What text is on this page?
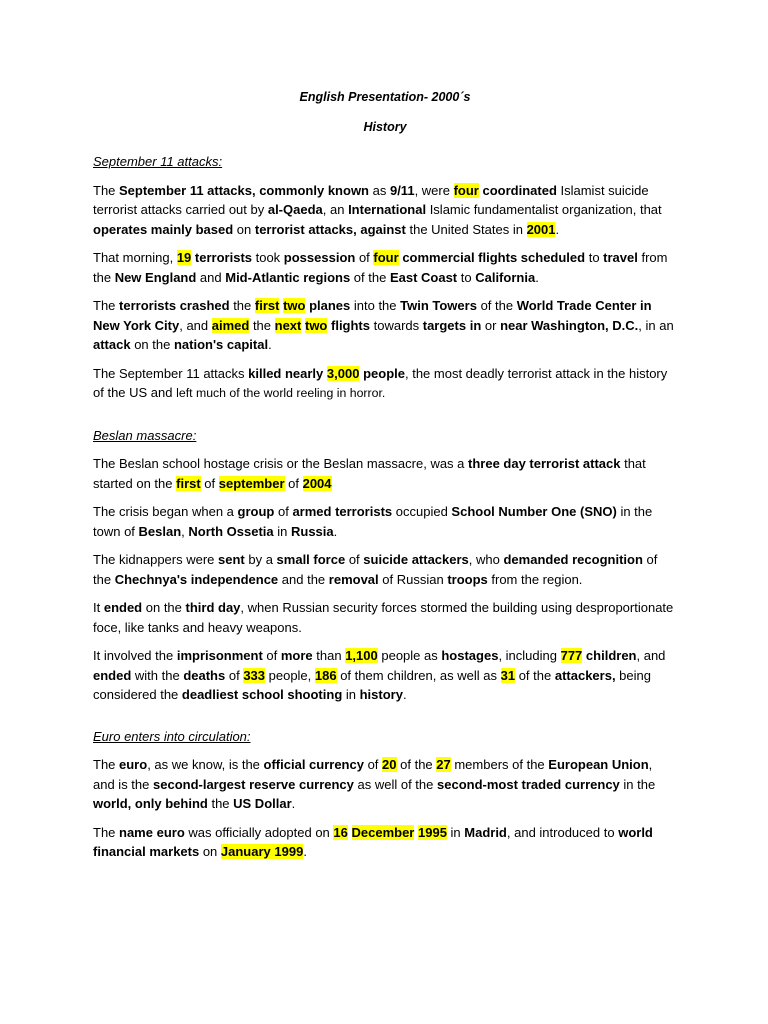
English Presentation- 2000´s
History
September 11 attacks:

The September 11 attacks, commonly known as 9/11, were four coordinated Islamist suicide terrorist attacks carried out by al-Qaeda, an International Islamic fundamentalist organization, that operates mainly based on terrorist attacks, against the United States in 2001.

That morning, 19 terrorists took possession of four commercial flights scheduled to travel from the New England and Mid-Atlantic regions of the East Coast to California.

The terrorists crashed the first two planes into the Twin Towers of the World Trade Center in New York City, and aimed the next two flights towards targets in or near Washington, D.C., in an attack on the nation's capital.

The September 11 attacks killed nearly 3,000 people, the most deadly terrorist attack in the history of the US and left much of the world reeling in horror.

Beslan massacre:

The Beslan school hostage crisis or the Beslan massacre, was a three day terrorist attack that started on the first of september of 2004

The crisis began when a group of armed terrorists occupied School Number One (SNO) in the town of Beslan, North Ossetia in Russia.

The kidnappers were sent by a small force of suicide attackers, who demanded recognition of the Chechnya's independence and the removal of Russian troops from the region.

It ended on the third day, when Russian security forces stormed the building using desproportionate foce, like tanks and heavy weapons.

It involved the imprisonment of more than 1,100 people as hostages, including 777 children, and ended with the deaths of 333 people, 186 of them children, as well as 31 of the attackers, being considered the deadliest school shooting in history.

Euro enters into circulation:

The euro, as we know, is the official currency of 20 of the 27 members of the European Union, and is the second-largest reserve currency as well of the second-most traded currency in the world, only behind the US Dollar.

The name euro was officially adopted on 16 December 1995 in Madrid, and introduced to world financial markets on January 1999.
